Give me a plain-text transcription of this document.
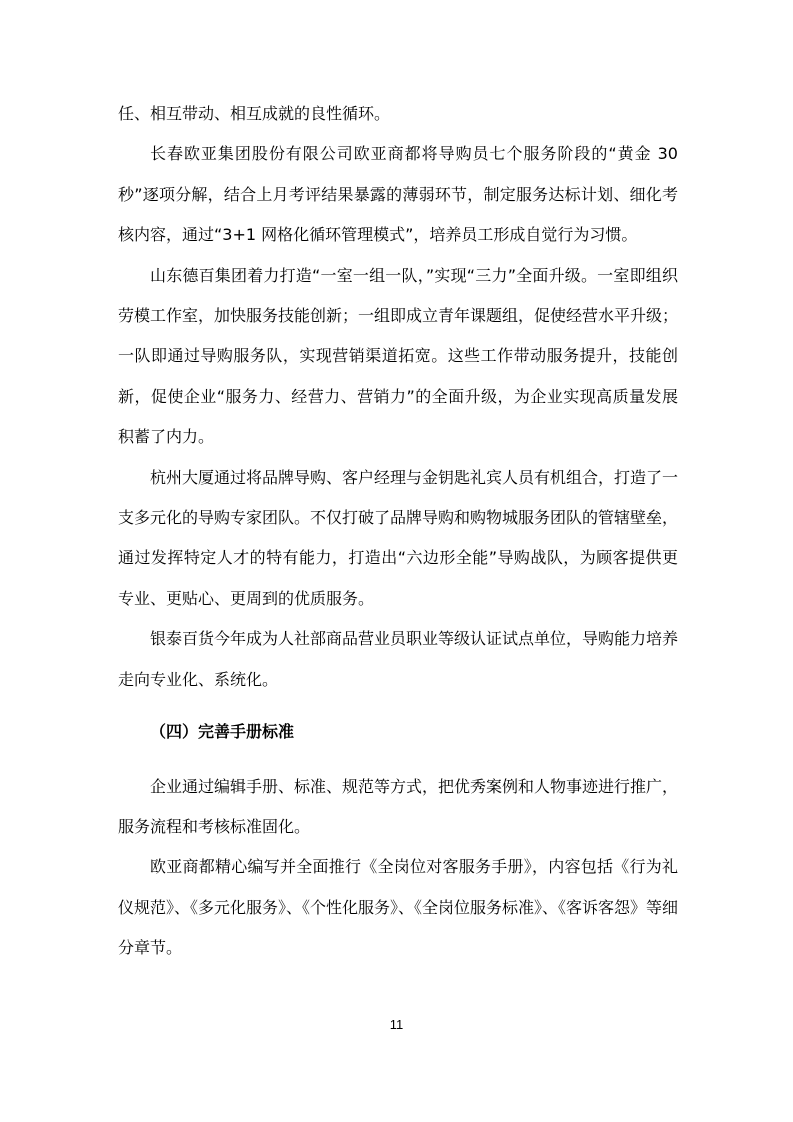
任、相互带动、相互成就的良性循环。

长春欧亚集团股份有限公司欧亚商都将导购员七个服务阶段的“黄金 30 秒”逐项分解，结合上月考评结果暴露的薄弱环节，制定服务达标计划、细化考核内容，通过“3+1 网格化循环管理模式”，培养员工形成自觉行为习惯。

山东德百集团着力打造“一室一组一队，”实现“三力”全面升级。一室即组织劳模工作室，加快服务技能创新；一组即成立青年课题组，促使经营水平升级；一队即通过导购服务队，实现营销渠道拓宽。这些工作带动服务提升，技能创新，促使企业“服务力、经营力、营销力”的全面升级，为企业实现高质量发展积蓄了内力。

杭州大厦通过将品牌导购、客户经理与金钥匙礼宾人员有机组合，打造了一支多元化的导购专家团队。不仅打破了品牌导购和购物城服务团队的管辖壁垒，通过发挥特定人才的特有能力，打造出“六边形全能”导购战队，为顾客提供更专业、更贴心、更周到的优质服务。

银泰百货今年成为人社部商品营业员职业等级认证试点单位，导购能力培养走向专业化、系统化。

（四）完善手册标准

企业通过编辑手册、标准、规范等方式，把优秀案例和人物事迹进行推广，服务流程和考核标准固化。

欧亚商都精心编写并全面推行《全岗位对客服务手册》，内容包括《行为礼仪规范》、《多元化服务》、《个性化服务》、《全岗位服务标准》、《客诉客怨》等细分章节。

11
